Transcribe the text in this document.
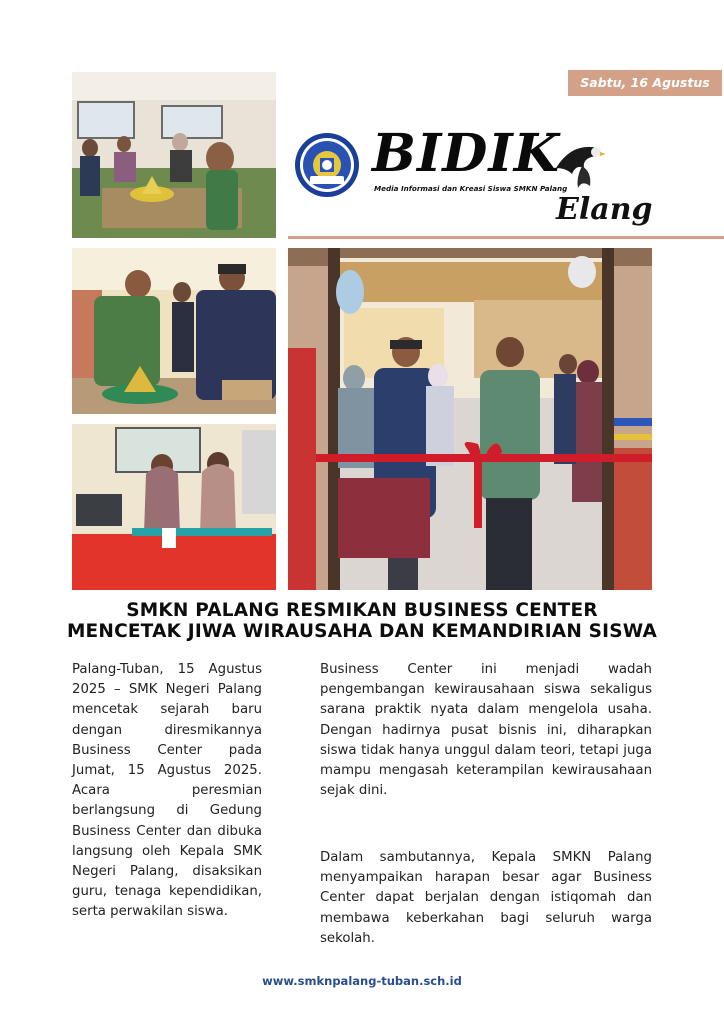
Sabtu, 16 Agustus 2025
BIDIK
Media Informasi dan Kreasi Siswa SMKN Palang
Elang
SMKN PALANG RESMIKAN BUSINESS CENTER
MENCETAK JIWA WIRAUSAHA DAN KEMANDIRIAN SISWA
Palang-Tuban, 15 Agustus 2025 – SMK Negeri Palang mencetak sejarah baru dengan diresmikannya Business Center pada Jumat, 15 Agustus 2025. Acara peresmian berlangsung di Gedung Business Center dan dibuka langsung oleh Kepala SMK Negeri Palang, disaksikan guru, tenaga kependidikan, serta perwakilan siswa.
Business Center ini menjadi wadah pengembangan kewirausahaan siswa sekaligus sarana praktik nyata dalam mengelola usaha. Dengan hadirnya pusat bisnis ini, diharapkan siswa tidak hanya unggul dalam teori, tetapi juga mampu mengasah keterampilan kewirausahaan sejak dini.
Dalam sambutannya, Kepala SMKN Palang menyampaikan harapan besar agar Business Center dapat berjalan dengan istiqomah dan membawa keberkahan bagi seluruh warga sekolah.
www.smknpalang-tuban.sch.id
